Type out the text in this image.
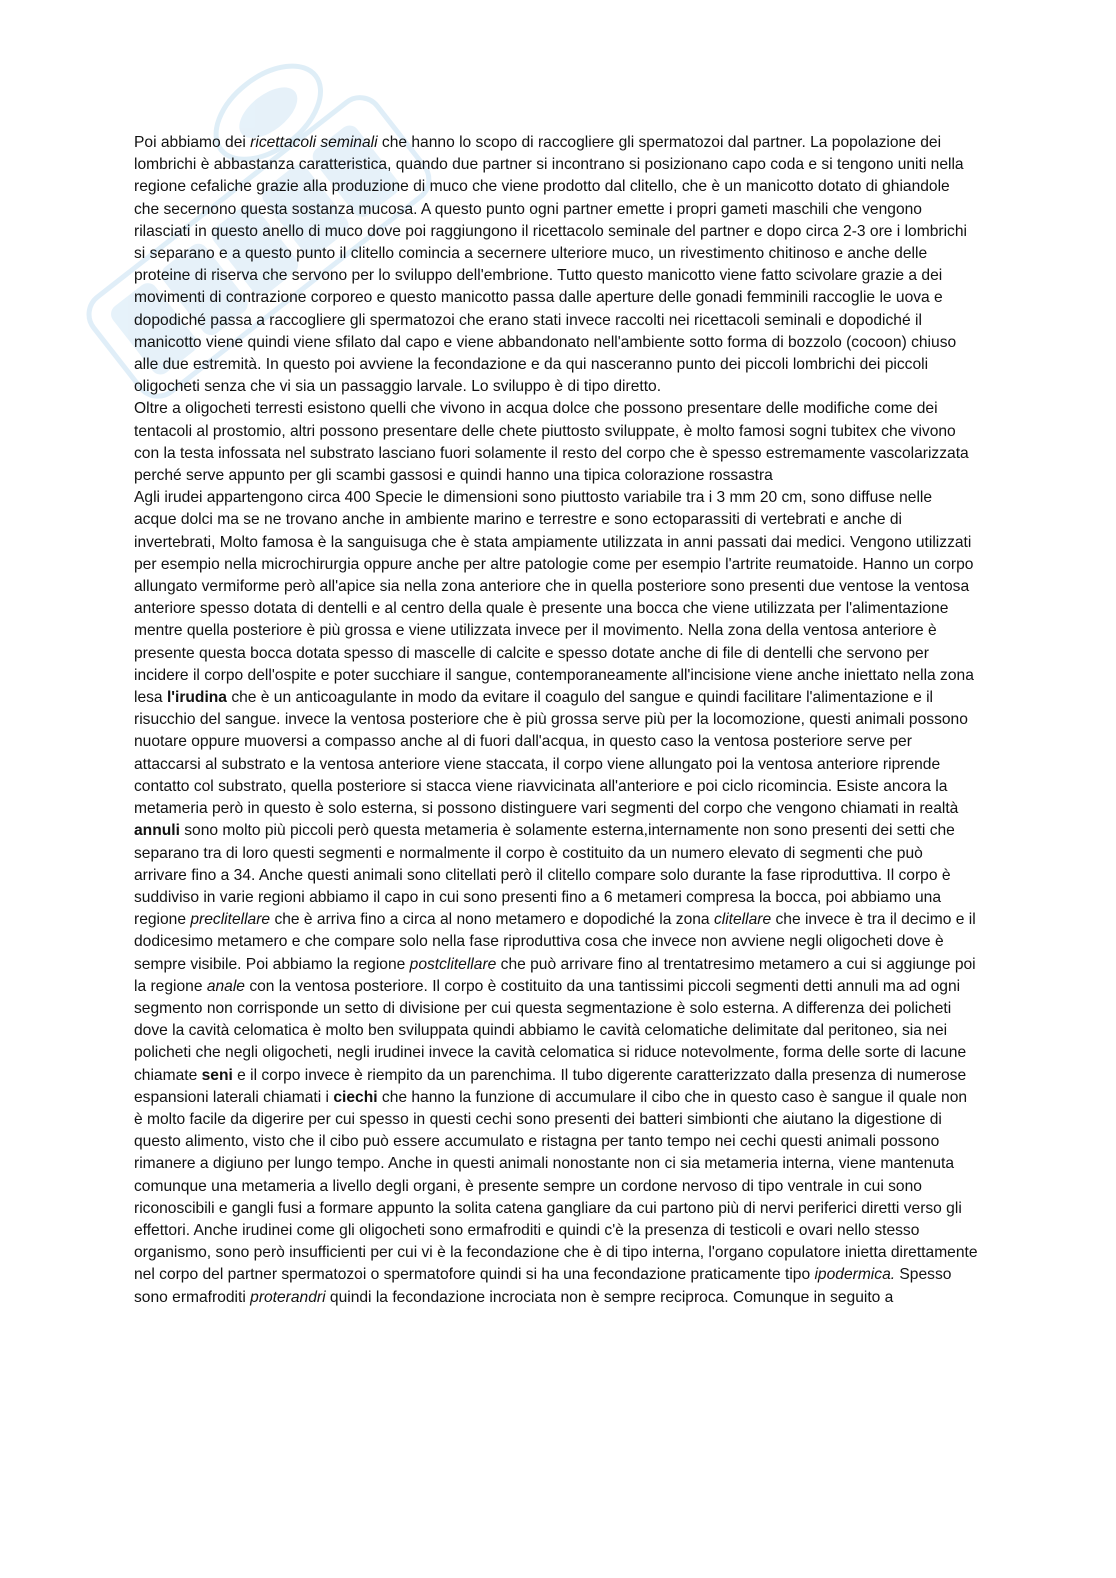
Poi abbiamo dei ricettacoli seminali che hanno lo scopo di raccogliere gli spermatozoi dal partner. La popolazione dei lombrichi è abbastanza caratteristica, quando due partner si incontrano si posizionano capo coda e si tengono uniti nella regione cefaliche grazie alla produzione di muco che viene prodotto dal clitello, che è un manicotto dotato di ghiandole che secernono questa sostanza mucosa. A questo punto ogni partner emette i propri gameti maschili che vengono rilasciati in questo anello di muco dove poi raggiungono il ricettacolo seminale del partner e dopo circa 2-3 ore i lombrichi si separano e a questo punto il clitello comincia a secernere ulteriore muco, un rivestimento chitinoso e anche delle proteine di riserva che servono per lo sviluppo dell'embrione. Tutto questo manicotto viene fatto scivolare grazie a dei movimenti di contrazione corporeo e questo manicotto passa dalle aperture delle gonadi femminili raccoglie le uova e dopodiché passa a raccogliere gli spermatozoi che erano stati invece raccolti nei ricettacoli seminali e dopodiché il manicotto viene quindi viene sfilato dal capo e viene abbandonato nell'ambiente sotto forma di bozzolo (cocoon) chiuso alle due estremità. In questo poi avviene la fecondazione e da qui nasceranno punto dei piccoli lombrichi dei piccoli oligocheti senza che vi sia un passaggio larvale. Lo sviluppo è di tipo diretto.

Oltre a oligocheti terresti esistono quelli che vivono in acqua dolce che possono presentare delle modifiche come dei tentacoli al prostomio, altri possono presentare delle chete piuttosto sviluppate, è molto famosi sogni tubitex che vivono con la testa infossata nel substrato lasciano fuori solamente il resto del corpo che è spesso estremamente vascolarizzata perché serve appunto per gli scambi gassosi e quindi hanno una tipica colorazione rossastra

Agli irudei appartengono circa 400 Specie le dimensioni sono piuttosto variabile tra i 3 mm 20 cm, sono diffuse nelle acque dolci ma se ne trovano anche in ambiente marino e terrestre e sono ectoparassiti di vertebrati e anche di invertebrati, Molto famosa è la sanguisuga che è stata ampiamente utilizzata in anni passati dai medici. Vengono utilizzati per esempio nella microchirurgia oppure anche per altre patologie come per esempio l'artrite reumatoide. Hanno un corpo allungato vermiforme però all'apice sia nella zona anteriore che in quella posteriore sono presenti due ventose la ventosa anteriore spesso dotata di dentelli e al centro della quale è presente una bocca che viene utilizzata per l'alimentazione mentre quella posteriore è più grossa e viene utilizzata invece per il movimento. Nella zona della ventosa anteriore è presente questa bocca dotata spesso di mascelle di calcite e spesso dotate anche di file di dentelli che servono per incidere il corpo dell'ospite e poter succhiare il sangue, contemporaneamente all'incisione viene anche iniettato nella zona lesa l'irudina che è un anticoagulante in modo da evitare il coagulo del sangue e quindi facilitare l'alimentazione e il risucchio del sangue. invece la ventosa posteriore che è più grossa serve più per la locomozione, questi animali possono nuotare oppure muoversi a compasso anche al di fuori dall'acqua, in questo caso la ventosa posteriore serve per attaccarsi al substrato e la ventosa anteriore viene staccata, il corpo viene allungato poi la ventosa anteriore riprende contatto col substrato, quella posteriore si stacca viene riavvicinata all'anteriore e poi ciclo ricomincia. Esiste ancora la metameria però in questo è solo esterna, si possono distinguere vari segmenti del corpo che vengono chiamati in realtà annuli sono molto più piccoli però questa metameria è solamente esterna,internamente non sono presenti dei setti che separano tra di loro questi segmenti e normalmente il corpo è costituito da un numero elevato di segmenti che può arrivare fino a 34. Anche questi animali sono clitellati però il clitello compare solo durante la fase riproduttiva. Il corpo è suddiviso in varie regioni abbiamo il capo in cui sono presenti fino a 6 metameri compresa la bocca, poi abbiamo una regione preclitellare che è arriva fino a circa al nono metamero e dopodiché la zona clitellare che invece è tra il decimo e il dodicesimo metamero e che compare solo nella fase riproduttiva cosa che invece non avviene negli oligocheti dove è sempre visibile. Poi abbiamo la regione postclitellare che può arrivare fino al trentatresimo metamero a cui si aggiunge poi la regione anale con la ventosa posteriore. Il corpo è costituito da una tantissimi piccoli segmenti detti annuli ma ad ogni segmento non corrisponde un setto di divisione per cui questa segmentazione è solo esterna. A differenza dei policheti dove la cavità celomatica è molto ben sviluppata quindi abbiamo le cavità celomatiche delimitate dal peritoneo, sia nei policheti che negli oligocheti, negli irudinei invece la cavità celomatica si riduce notevolmente, forma delle sorte di lacune chiamate seni e il corpo invece è riempito da un parenchima. Il tubo digerente caratterizzato dalla presenza di numerose espansioni laterali chiamati i ciechi che hanno la funzione di accumulare il cibo che in questo caso è sangue il quale non è molto facile da digerire per cui spesso in questi cechi sono presenti dei batteri simbionti che aiutano la digestione di questo alimento, visto che il cibo può essere accumulato e ristagna per tanto tempo nei cechi questi animali possono rimanere a digiuno per lungo tempo. Anche in questi animali nonostante non ci sia metameria interna, viene mantenuta comunque una metameria a livello degli organi, è presente sempre un cordone nervoso di tipo ventrale in cui sono riconoscibili e gangli fusi a formare appunto la solita catena gangliare da cui partono più di nervi periferici diretti verso gli effettori. Anche irudinei come gli oligocheti sono ermafroditi e quindi c'è la presenza di testicoli e ovari nello stesso organismo, sono però insufficienti per cui vi è la fecondazione che è di tipo interna, l'organo copulatore inietta direttamente nel corpo del partner spermatozoi o spermatofore quindi si ha una fecondazione praticamente tipo ipodermica. Spesso sono ermafroditi proterandri quindi la fecondazione incrociata non è sempre reciproca. Comunque in seguito a
